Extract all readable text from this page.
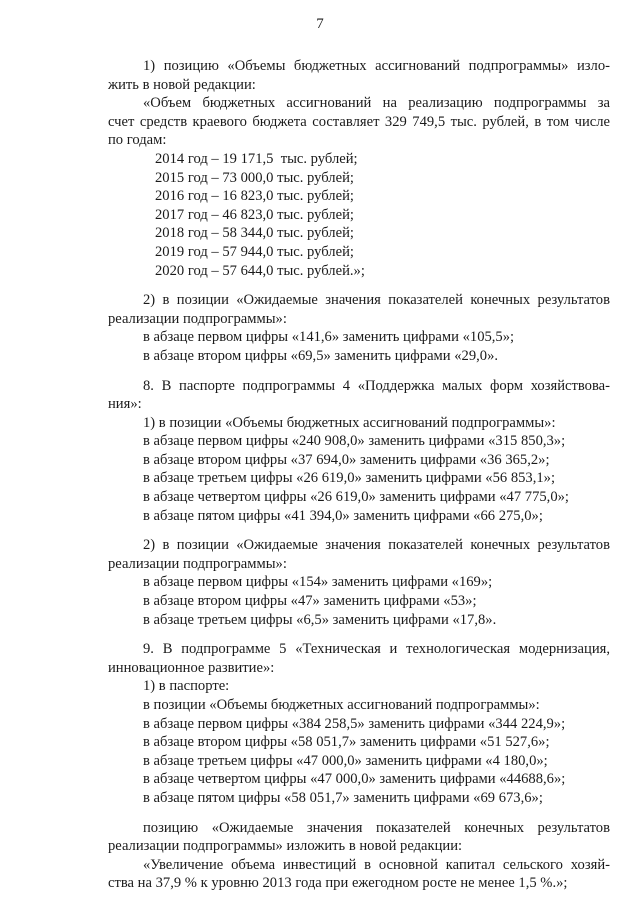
7
1) позицию «Объемы бюджетных ассигнований подпрограммы» изло-
жить в новой редакции:
«Объем бюджетных ассигнований на реализацию подпрограммы за
счет средств краевого бюджета составляет 329 749,5 тыс. рублей, в том числе
по годам:
2014 год – 19 171,5  тыс. рублей;
2015 год – 73 000,0 тыс. рублей;
2016 год – 16 823,0 тыс. рублей;
2017 год – 46 823,0 тыс. рублей;
2018 год – 58 344,0 тыс. рублей;
2019 год – 57 944,0 тыс. рублей;
2020 год – 57 644,0 тыс. рублей.»;
2) в позиции «Ожидаемые значения показателей конечных результатов
реализации подпрограммы»:
в абзаце первом цифры «141,6» заменить цифрами «105,5»;
в абзаце втором цифры «69,5» заменить цифрами «29,0».
8. В паспорте подпрограммы 4 «Поддержка малых форм хозяйствова-
ния»:
1) в позиции «Объемы бюджетных ассигнований подпрограммы»:
в абзаце первом цифры «240 908,0» заменить цифрами «315 850,3»;
в абзаце втором цифры «37 694,0» заменить цифрами «36 365,2»;
в абзаце третьем цифры «26 619,0» заменить цифрами «56 853,1»;
в абзаце четвертом цифры «26 619,0» заменить цифрами «47 775,0»;
в абзаце пятом цифры «41 394,0» заменить цифрами «66 275,0»;
2) в позиции «Ожидаемые значения показателей конечных результатов
реализации подпрограммы»:
в абзаце первом цифры «154» заменить цифрами «169»;
в абзаце втором цифры «47» заменить цифрами «53»;
в абзаце третьем цифры «6,5» заменить цифрами «17,8».
9. В подпрограмме 5 «Техническая и технологическая модернизация,
инновационное развитие»:
1) в паспорте:
в позиции «Объемы бюджетных ассигнований подпрограммы»:
в абзаце первом цифры «384 258,5» заменить цифрами «344 224,9»;
в абзаце втором цифры «58 051,7» заменить цифрами «51 527,6»;
в абзаце третьем цифры «47 000,0» заменить цифрами «4 180,0»;
в абзаце четвертом цифры «47 000,0» заменить цифрами «44688,6»;
в абзаце пятом цифры «58 051,7» заменить цифрами «69 673,6»;
позицию «Ожидаемые значения показателей конечных результатов
реализации подпрограммы» изложить в новой редакции:
«Увеличение объема инвестиций в основной капитал сельского хозяй-
ства на 37,9 % к уровню 2013 года при ежегодном росте не менее 1,5 %.»;
